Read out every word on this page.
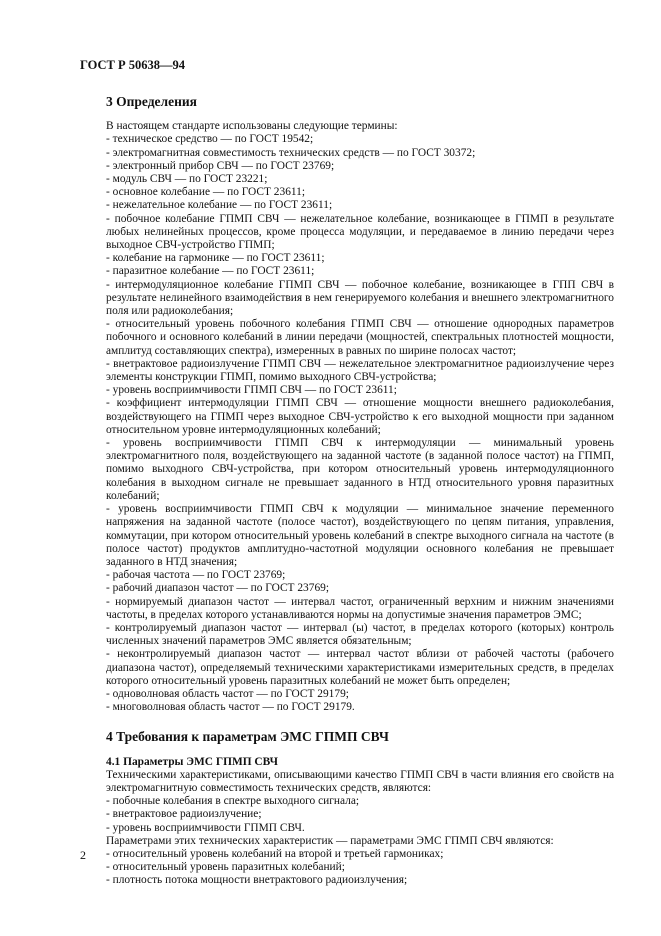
ГОСТ Р 50638—94
3 Определения

В настоящем стандарте использованы следующие термины:

- техническое средство — по ГОСТ 19542;

- электромагнитная совместимость технических средств — по ГОСТ 30372;

- электронный прибор СВЧ — по ГОСТ 23769;

- модуль СВЧ — по ГОСТ 23221;

- основное колебание — по ГОСТ 23611;

- нежелательное колебание — по ГОСТ 23611;

- побочное колебание ГПМП СВЧ — нежелательное колебание, возникающее в ГПМП в результате любых нелинейных процессов, кроме процесса модуляции, и передаваемое в линию передачи через выходное СВЧ-устройство ГПМП;

- колебание на гармонике — по ГОСТ 23611;

- паразитное колебание — по ГОСТ 23611;

- интермодуляционное колебание ГПМП СВЧ — побочное колебание, возникающее в ГПП СВЧ в результате нелинейного взаимодействия в нем генерируемого колебания и внешнего электромагнитного поля или радиоколебания;

- относительный уровень побочного колебания ГПМП СВЧ — отношение однородных параметров побочного и основного колебаний в линии передачи (мощностей, спектральных плотностей мощности, амплитуд составляющих спектра), измеренных в равных по ширине полосах частот;

- внетрактовое радиоизлучение ГПМП СВЧ — нежелательное электромагнитное радиоизлучение через элементы конструкции ГПМП, помимо выходного СВЧ-устройства;

- уровень восприимчивости ГПМП СВЧ — по ГОСТ 23611;

- коэффициент интермодуляции ГПМП СВЧ — отношение мощности внешнего радиоколебания, воздействующего на ГПМП через выходное СВЧ-устройство к его выходной мощности при заданном относительном уровне интермодуляционных колебаний;

- уровень восприимчивости ГПМП СВЧ к интермодуляции — минимальный уровень электромагнитного поля, воздействующего на заданной частоте (в заданной полосе частот) на ГПМП, помимо выходного СВЧ-устройства, при котором относительный уровень интермодуляционного колебания в выходном сигнале не превышает заданного в НТД относительного уровня паразитных колебаний;

- уровень восприимчивости ГПМП СВЧ к модуляции — минимальное значение переменного напряжения на заданной частоте (полосе частот), воздействующего по цепям питания, управления, коммутации, при котором относительный уровень колебаний в спектре выходного сигнала на частоте (в полосе частот) продуктов амплитудно-частотной модуляции основного колебания не превышает заданного в НТД значения;

- рабочая частота — по ГОСТ 23769;

- рабочий диапазон частот — по ГОСТ 23769;

- нормируемый диапазон частот — интервал частот, ограниченный верхним и нижним значениями частоты, в пределах которого устанавливаются нормы на допустимые значения параметров ЭМС;

- контролируемый диапазон частот — интервал (ы) частот, в пределах которого (которых) контроль численных значений параметров ЭМС является обязательным;

- неконтролируемый диапазон частот — интервал частот вблизи от рабочей частоты (рабочего диапазона частот), определяемый техническими характеристиками измерительных средств, в пределах которого относительный уровень паразитных колебаний не может быть определен;

- одноволновая область частот — по ГОСТ 29179;

- многоволновая область частот — по ГОСТ 29179.

4 Требования к параметрам ЭМС ГПМП СВЧ
4.1 Параметры ЭМС ГПМП СВЧ

Техническими характеристиками, описывающими качество ГПМП СВЧ в части влияния его свойств на электромагнитную совместимость технических средств, являются:

- побочные колебания в спектре выходного сигнала;

- внетрактовое радиоизлучение;

- уровень восприимчивости ГПМП СВЧ.

Параметрами этих технических характеристик — параметрами ЭМС ГПМП СВЧ являются:

- относительный уровень колебаний на второй и третьей гармониках;

- относительный уровень паразитных колебаний;

- плотность потока мощности внетрактового радиоизлучения;

2
